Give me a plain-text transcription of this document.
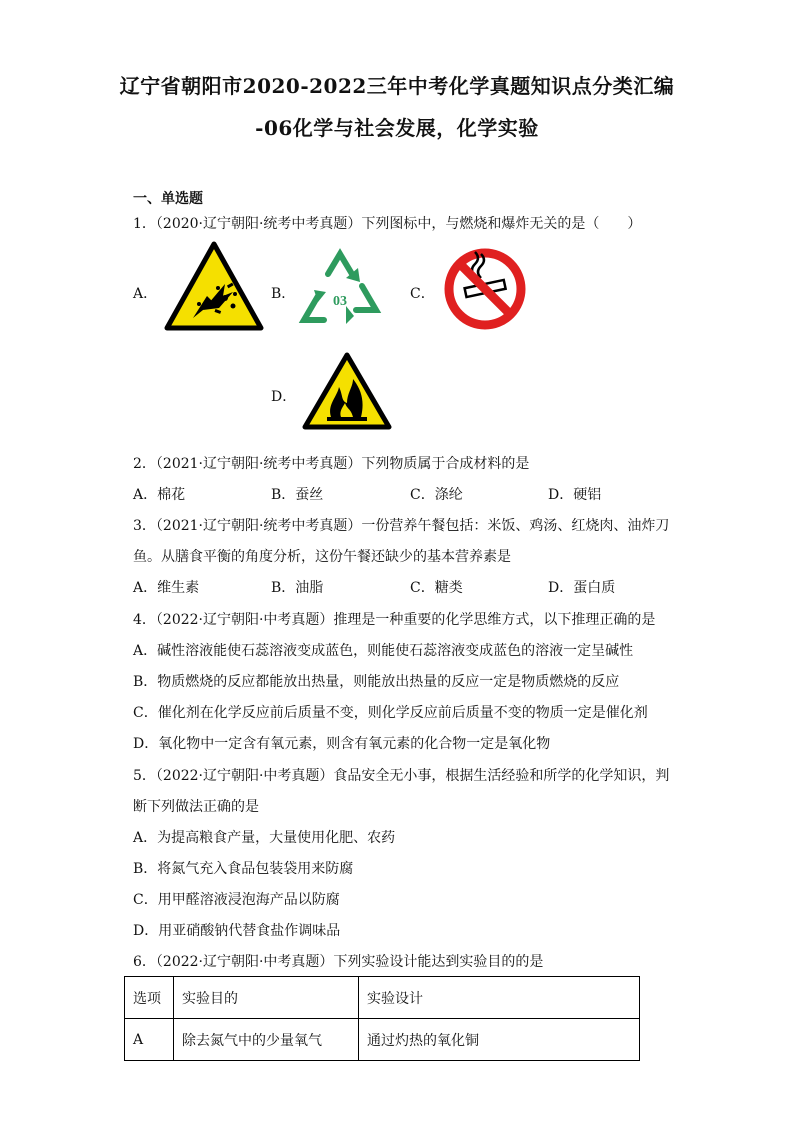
辽宁省朝阳市2020-2022三年中考化学真题知识点分类汇编
-06化学与社会发展，化学实验
一、单选题
1．（2020·辽宁朝阳·统考中考真题）下列图标中，与燃烧和爆炸无关的是（　　）
A．	B．	03	C．
D．
2．（2021·辽宁朝阳·统考中考真题）下列物质属于合成材料的是
A．棉花	B．蚕丝	C．涤纶	D．硬铝
3．（2021·辽宁朝阳·统考中考真题）一份营养午餐包括：米饭、鸡汤、红烧肉、油炸刀
鱼。从膳食平衡的角度分析，这份午餐还缺少的基本营养素是
A．维生素	B．油脂	C．糖类	D．蛋白质
4．（2022·辽宁朝阳·中考真题）推理是一种重要的化学思维方式，以下推理正确的是
A．碱性溶液能使石蕊溶液变成蓝色，则能使石蕊溶液变成蓝色的溶液一定呈碱性
B．物质燃烧的反应都能放出热量，则能放出热量的反应一定是物质燃烧的反应
C．催化剂在化学反应前后质量不变，则化学反应前后质量不变的物质一定是催化剂
D．氧化物中一定含有氧元素，则含有氧元素的化合物一定是氧化物
5．（2022·辽宁朝阳·中考真题）食品安全无小事，根据生活经验和所学的化学知识，判
断下列做法正确的是
A．为提高粮食产量，大量使用化肥、农药
B．将氮气充入食品包装袋用来防腐
C．用甲醛溶液浸泡海产品以防腐
D．用亚硝酸钠代替食盐作调味品
6．（2022·辽宁朝阳·中考真题）下列实验设计能达到实验目的的是
选项	实验目的	实验设计
A	除去氮气中的少量氧气	通过灼热的氧化铜
